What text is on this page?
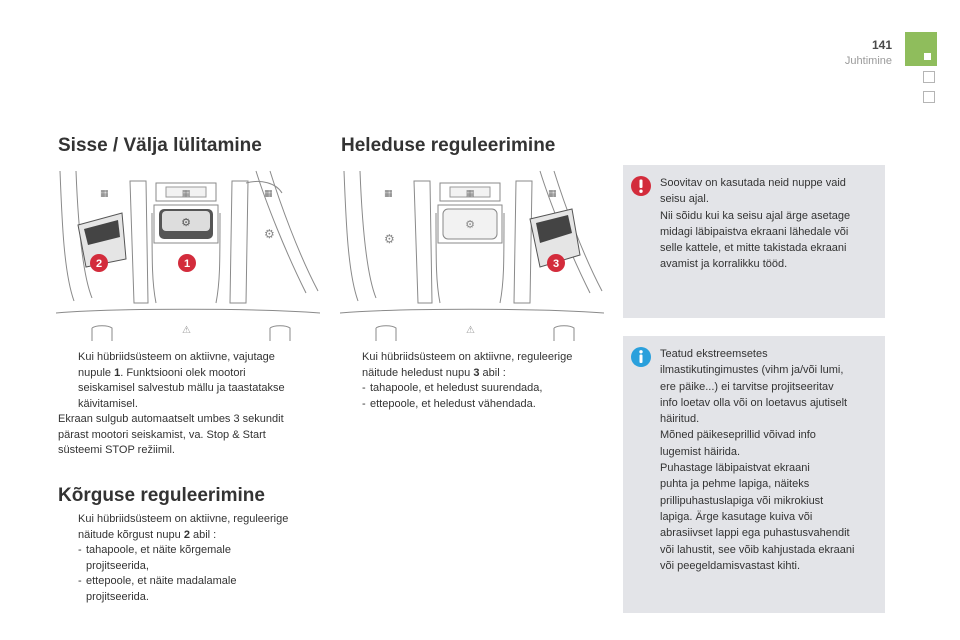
141
Juhtimine
Sisse / Välja lülitamine	Heleduse reguleerimine
Kõrguse reguleerimine
⚙
▦
▦	▦
⚙
⚠
2	1
⚙
▦
▦	▦
⚙
⚠
3
Kui hübriidsüsteem on aktiivne, vajutage
nupule 1. Funktsiooni olek mootori
seiskamisel salvestub mällu ja taastatakse
käivitamisel.
Ekraan sulgub automaatselt umbes 3 sekundit
pärast mootori seiskamist, va. Stop & Start
süsteemi STOP režiimil.
Kui hübriidsüsteem on aktiivne, reguleerige
näitude kõrgust nupu 2 abil :
- tahapoole, et näite kõrgemale
projitseerida,
- ettepoole, et näite madalamale
projitseerida.
Kui hübriidsüsteem on aktiivne, reguleerige
näitude heledust nupu 3 abil :
- tahapoole, et heledust suurendada,
- ettepoole, et heledust vähendada.
Soovitav on kasutada neid nuppe vaid
seisu ajal.
Nii sõidu kui ka seisu ajal ärge asetage
midagi läbipaistva ekraani lähedale või
selle kattele, et mitte takistada ekraani
avamist ja korralikku tööd.
Teatud ekstreemsetes
ilmastikutingimustes (vihm ja/või lumi,
ere päike...) ei tarvitse projitseeritav
info loetav olla või on loetavus ajutiselt
häiritud.
Mõned päikeseprillid võivad info
lugemist häirida.
Puhastage läbipaistvat ekraani
puhta ja pehme lapiga, näiteks
prillipuhastuslapiga või mikrokiust
lapiga. Ärge kasutage kuiva või
abrasiivset lappi ega puhastusvahendit
või lahustit, see võib kahjustada ekraani
või peegeldamisvastast kihti.
